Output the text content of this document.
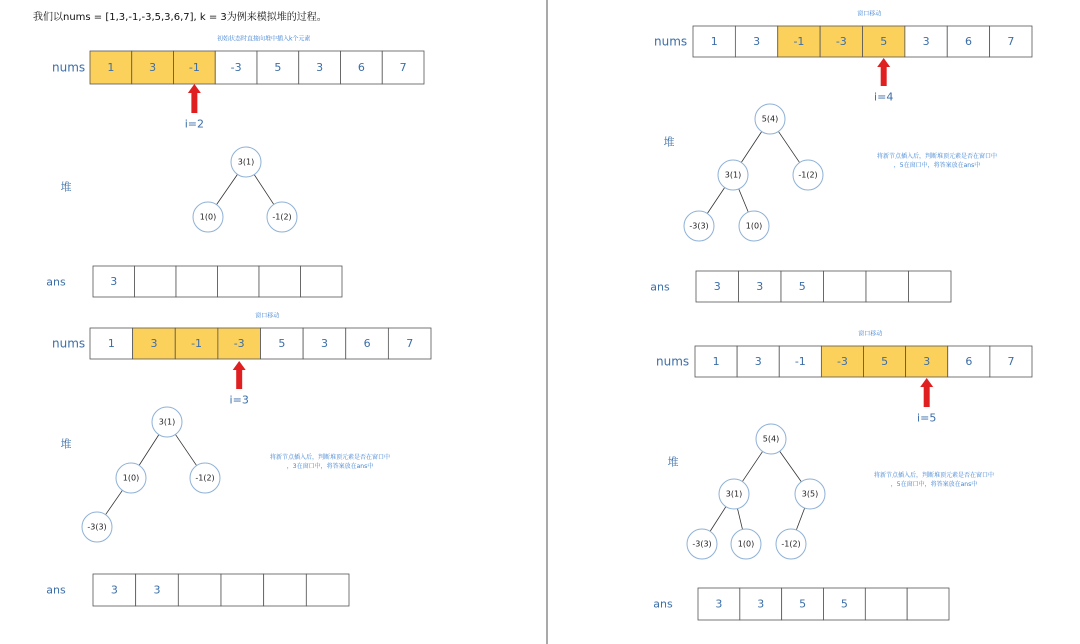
我们以nums = [1,3,-1,-3,5,3,6,7], k = 3为例来模拟堆的过程。
初始状态时直接向堆中插入k个元素
nums 1	3	-1	-3	5	3	6	7
i=2
堆
3(1)
1(0)	-1(2)
ans	3
将新节点插入后，判断堆顶元素是否在窗口中，3在窗口中，将答案放在ans中
窗口移动
nums 1	3	-1	-3	5	3	6	7
i=3
堆
3(1)
1(0)	-1(2)
-3(3)
ans	3	3
将新节点插入后，判断堆顶元素是否在窗口中，5在窗口中，将答案放在ans中
窗口移动
nums 1	3	-1	-3	5	3	6	7
i=4
堆
5(4)
3(1)	-1(2)
-3(3)	1(0)
ans	3	3	5
将新节点插入后，判断堆顶元素是否在窗口中，5在窗口中，将答案放在ans中
窗口移动
nums 1	3	-1	-3	5	3	6	7
i=5
堆
5(4)
3(1)	3(5)
-3(3)	1(0)	-1(2)
ans	3	3	5	5
